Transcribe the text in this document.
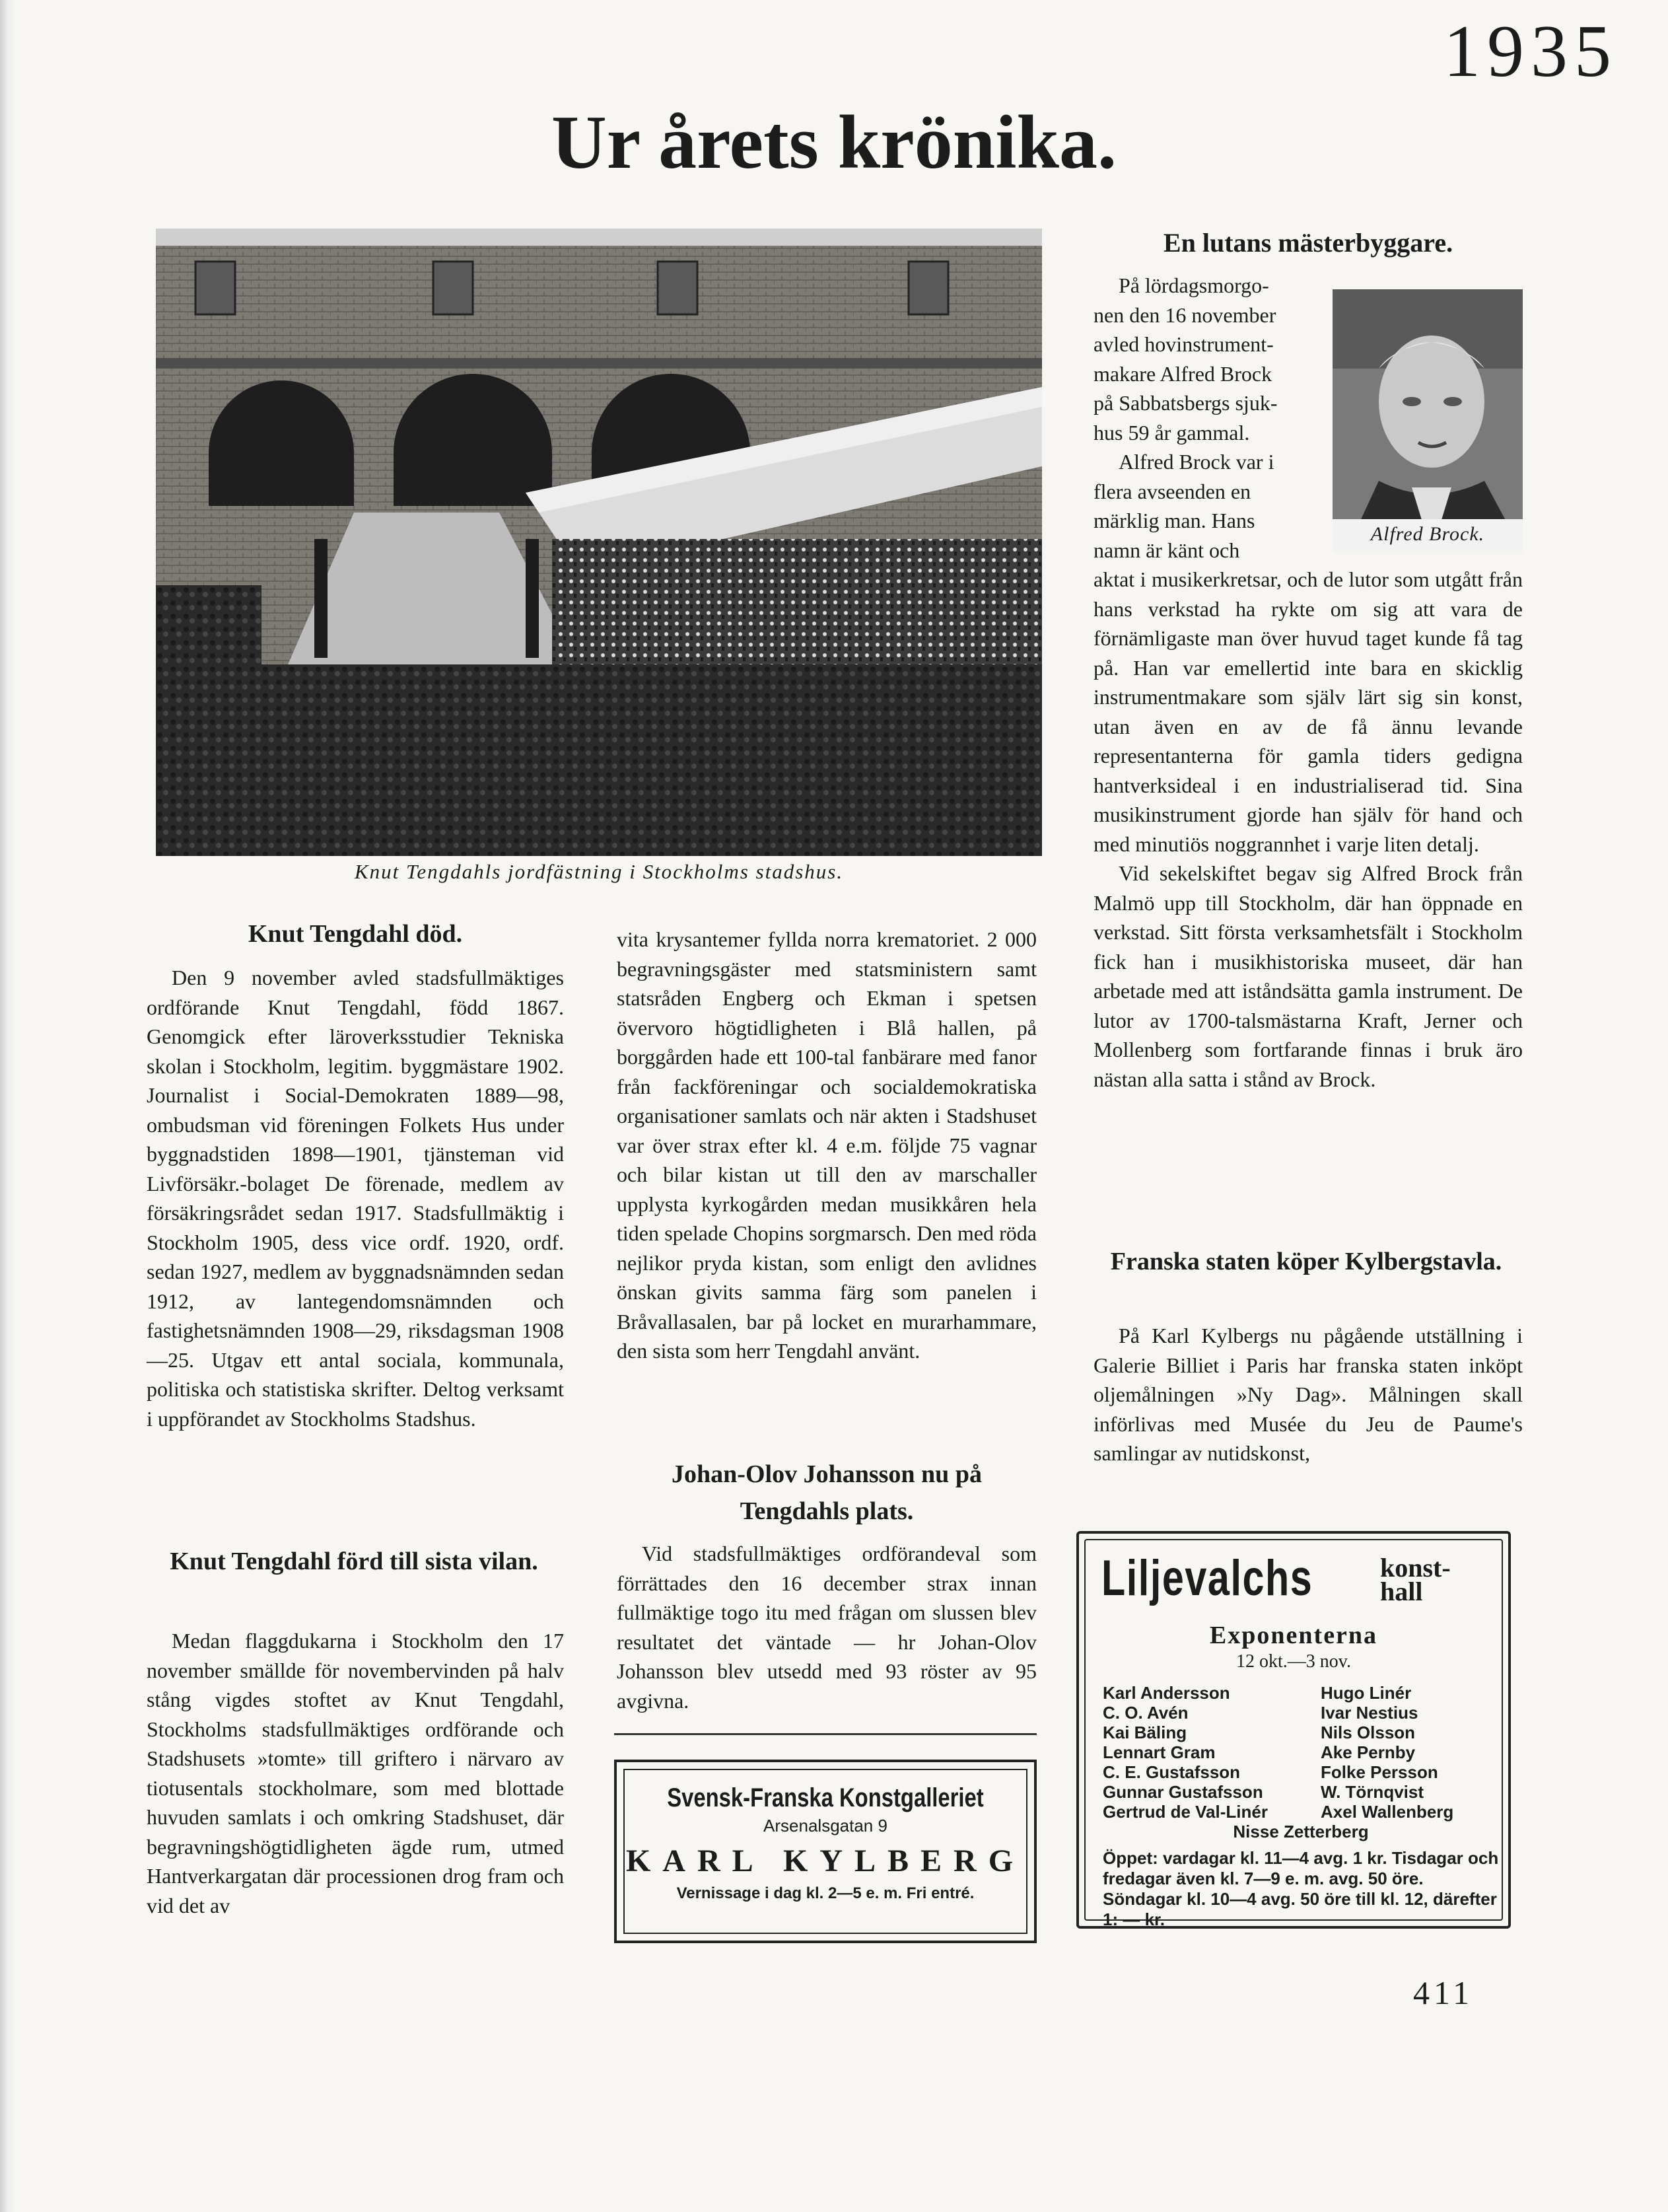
1935
Ur årets krönika.
Knut Tengdahls jordfästning i Stockholms stadshus.
Knut Tengdahl död.

Den 9 november avled stadsfullmäktiges ordförande Knut Tengdahl, född 1867. Genomgick efter läroverksstudier Tekniska skolan i Stockholm, legitim. byggmästare 1902. Journalist i Social-Demokraten 1889—98, ombudsman vid föreningen Folkets Hus under byggnadstiden 1898—1901, tjänsteman vid Livförsäkr.-bolaget De förenade, medlem av försäkringsrådet sedan 1917. Stadsfullmäktig i Stockholm 1905, dess vice ordf. 1920, ordf. sedan 1927, medlem av byggnadsnämnden sedan 1912, av lantegendomsnämnden och fastighetsnämnden 1908—29, riksdagsman 1908—25. Utgav ett antal sociala, kommunala, politiska och statistiska skrifter. Deltog verksamt i uppförandet av Stockholms Stadshus.

Knut Tengdahl förd till sista vilan.

Medan flaggdukarna i Stockholm den 17 november smällde för novembervinden på halv stång vigdes stoftet av Knut Tengdahl, Stockholms stadsfullmäktiges ordförande och Stadshusets »tomte» till griftero i närvaro av tiotusentals stockholmare, som med blottade huvuden samlats i och omkring Stadshuset, där begravningshögtidligheten ägde rum, utmed Hantverkargatan där processionen drog fram och vid det av

vita krysantemer fyllda norra krematoriet. 2 000 begravningsgäster med statsministern samt statsråden Engberg och Ekman i spetsen övervoro högtidligheten i Blå hallen, på borggården hade ett 100-tal fanbärare med fanor från fackföreningar och socialdemokratiska organisationer samlats och när akten i Stadshuset var över strax efter kl. 4 e.m. följde 75 vagnar och bilar kistan ut till den av marschaller upplysta kyrkogården medan musikkåren hela tiden spelade Chopins sorgmarsch. Den med röda nejlikor pryda kistan, som enligt den avlidnes önskan givits samma färg som panelen i Bråvallasalen, bar på locket en murarhammare, den sista som herr Tengdahl använt.

Johan-Olov Johansson nu på Tengdahls plats.

Vid stadsfullmäktiges ordförandeval som förrättades den 16 december strax innan fullmäktige togo itu med frågan om slussen blev resultatet det väntade — hr Johan-Olov Johansson blev utsedd med 93 röster av 95 avgivna.

Svensk-Franska Konstgalleriet
Arsenalsgatan 9
KARL KYLBERG
Vernissage i dag kl. 2—5 e. m. Fri entré.
En lutans mästerbyggare.
Alfred Brock.
På lördagsmorgo-
nen den 16 november
avled hovinstrument-
makare Alfred Brock
på Sabbatsbergs sjuk-
hus 59 år gammal.
Alfred Brock var i
flera avseenden en
märklig man. Hans
namn är känt och

aktat i musikerkretsar, och de lutor som utgått från hans verkstad ha rykte om sig att vara de förnämligaste man över huvud taget kunde få tag på. Han var emellertid inte bara en skicklig instrumentmakare som själv lärt sig sin konst, utan även en av de få ännu levande representanterna för gamla tiders gedigna hantverksideal i en industrialiserad tid. Sina musikinstrument gjorde han själv för hand och med minutiös noggrannhet i varje liten detalj.

Vid sekelskiftet begav sig Alfred Brock från Malmö upp till Stockholm, där han öppnade en verkstad. Sitt första verksamhetsfält i Stockholm fick han i musikhistoriska museet, där han arbetade med att iståndsätta gamla instrument. De lutor av 1700-talsmästarna Kraft, Jerner och Mollenberg som fortfarande finnas i bruk äro nästan alla satta i stånd av Brock.

Franska staten köper Kylbergstavla.

På Karl Kylbergs nu pågående utställning i Galerie Billiet i Paris har franska staten inköpt oljemålningen »Ny Dag». Målningen skall införlivas med Musée du Jeu de Paume's samlingar av nutidskonst,

Liljevalchs	konst-
hall
Exponenterna
12 okt.—3 nov.
Karl Andersson	Hugo Linér
C. O. Avén	Ivar Nestius
Kai Bäling	Nils Olsson
Lennart Gram	Ake Pernby
C. E. Gustafsson	Folke Persson
Gunnar Gustafsson	W. Törnqvist
Gertrud de Val-Linér	Axel Wallenberg
Nisse Zetterberg
Öppet: vardagar kl. 11—4 avg. 1 kr. Tisdagar och fredagar även kl. 7—9 e. m. avg. 50 öre. Söndagar kl. 10—4 avg. 50 öre till kl. 12, därefter 1: — kr.
411
